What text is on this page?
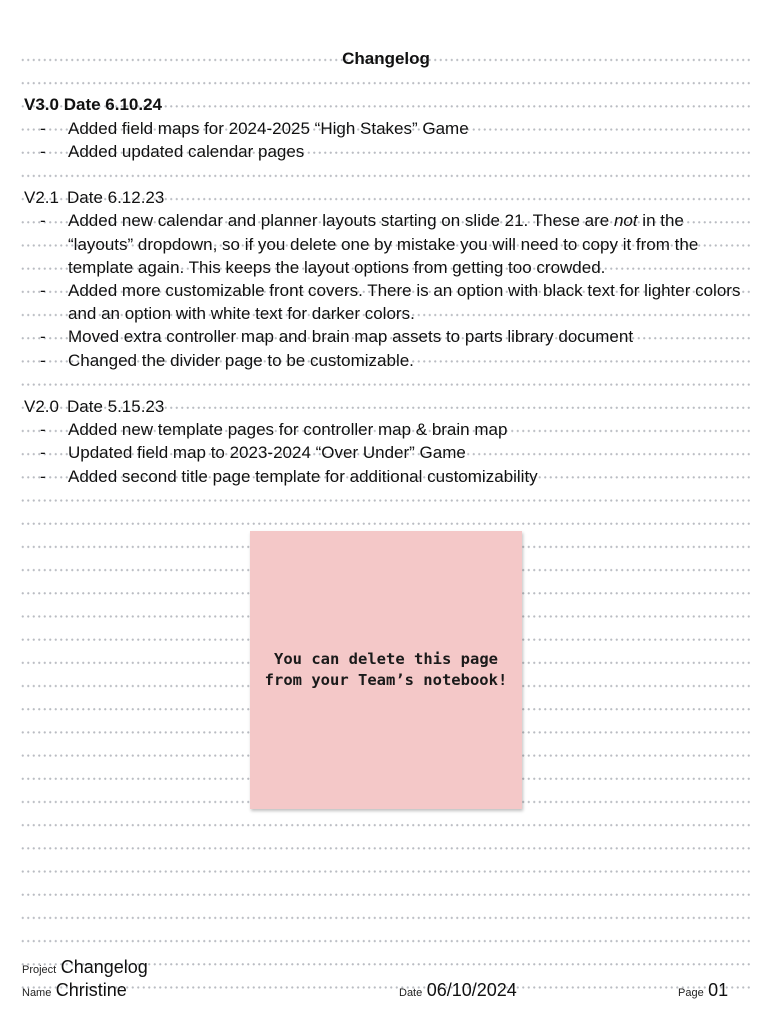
Changelog
V3.0 Date 6.10.24
- Added field maps for 2024-2025 “High Stakes” Game
- Added updated calendar pages
V2.1 Date 6.12.23
- Added new calendar and planner layouts starting on slide 21. These are not in the “layouts” dropdown, so if you delete one by mistake you will need to copy it from the template again. This keeps the layout options from getting too crowded.
- Added more customizable front covers. There is an option with black text for lighter colors and an option with white text for darker colors.
- Moved extra controller map and brain map assets to parts library document
- Changed the divider page to be customizable.
V2.0 Date 5.15.23
- Added new template pages for controller map & brain map
- Updated field map to 2023-2024 “Over Under” Game
- Added second title page template for additional customizability
You can delete this page from your Team’s notebook!
Project Changelog
Name Christine	Date 06/10/2024	Page 01
